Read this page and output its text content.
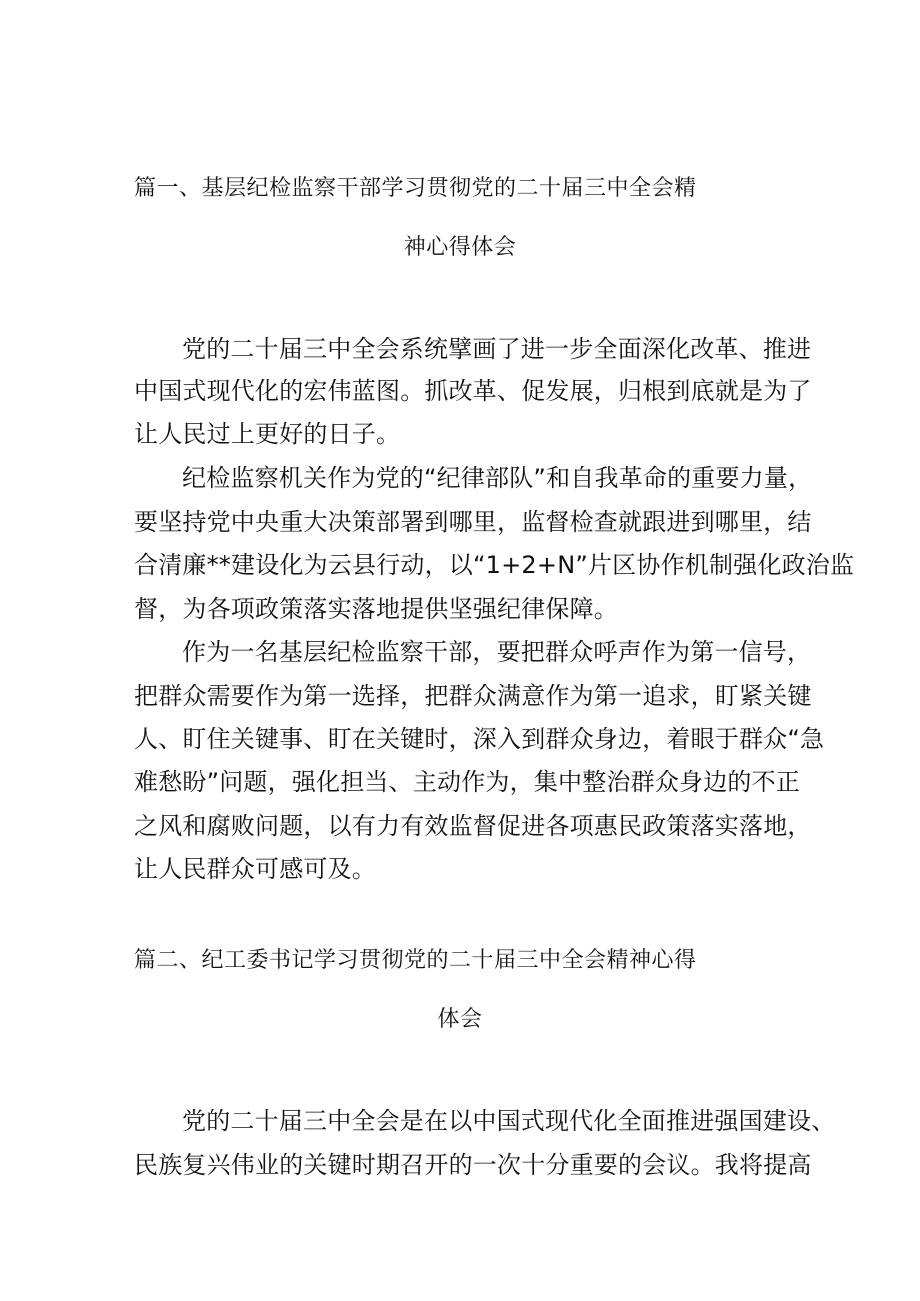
篇一、基层纪检监察干部学习贯彻党的二十届三中全会精
神心得体会
党的二十届三中全会系统擘画了进一步全面深化改革、推进
中国式现代化的宏伟蓝图。抓改革、促发展，归根到底就是为了
让人民过上更好的日子。
纪检监察机关作为党的“纪律部队”和自我革命的重要力量，
要坚持党中央重大决策部署到哪里，监督检查就跟进到哪里，结
合清廉**建设化为云县行动，以“1+2+N”片区协作机制强化政治监
督，为各项政策落实落地提供坚强纪律保障。
作为一名基层纪检监察干部，要把群众呼声作为第一信号，
把群众需要作为第一选择，把群众满意作为第一追求，盯紧关键
人、盯住关键事、盯在关键时，深入到群众身边，着眼于群众“急
难愁盼”问题，强化担当、主动作为，集中整治群众身边的不正
之风和腐败问题，以有力有效监督促进各项惠民政策落实落地，
让人民群众可感可及。
篇二、纪工委书记学习贯彻党的二十届三中全会精神心得
体会
党的二十届三中全会是在以中国式现代化全面推进强国建设、
民族复兴伟业的关键时期召开的一次十分重要的会议。我将提高
